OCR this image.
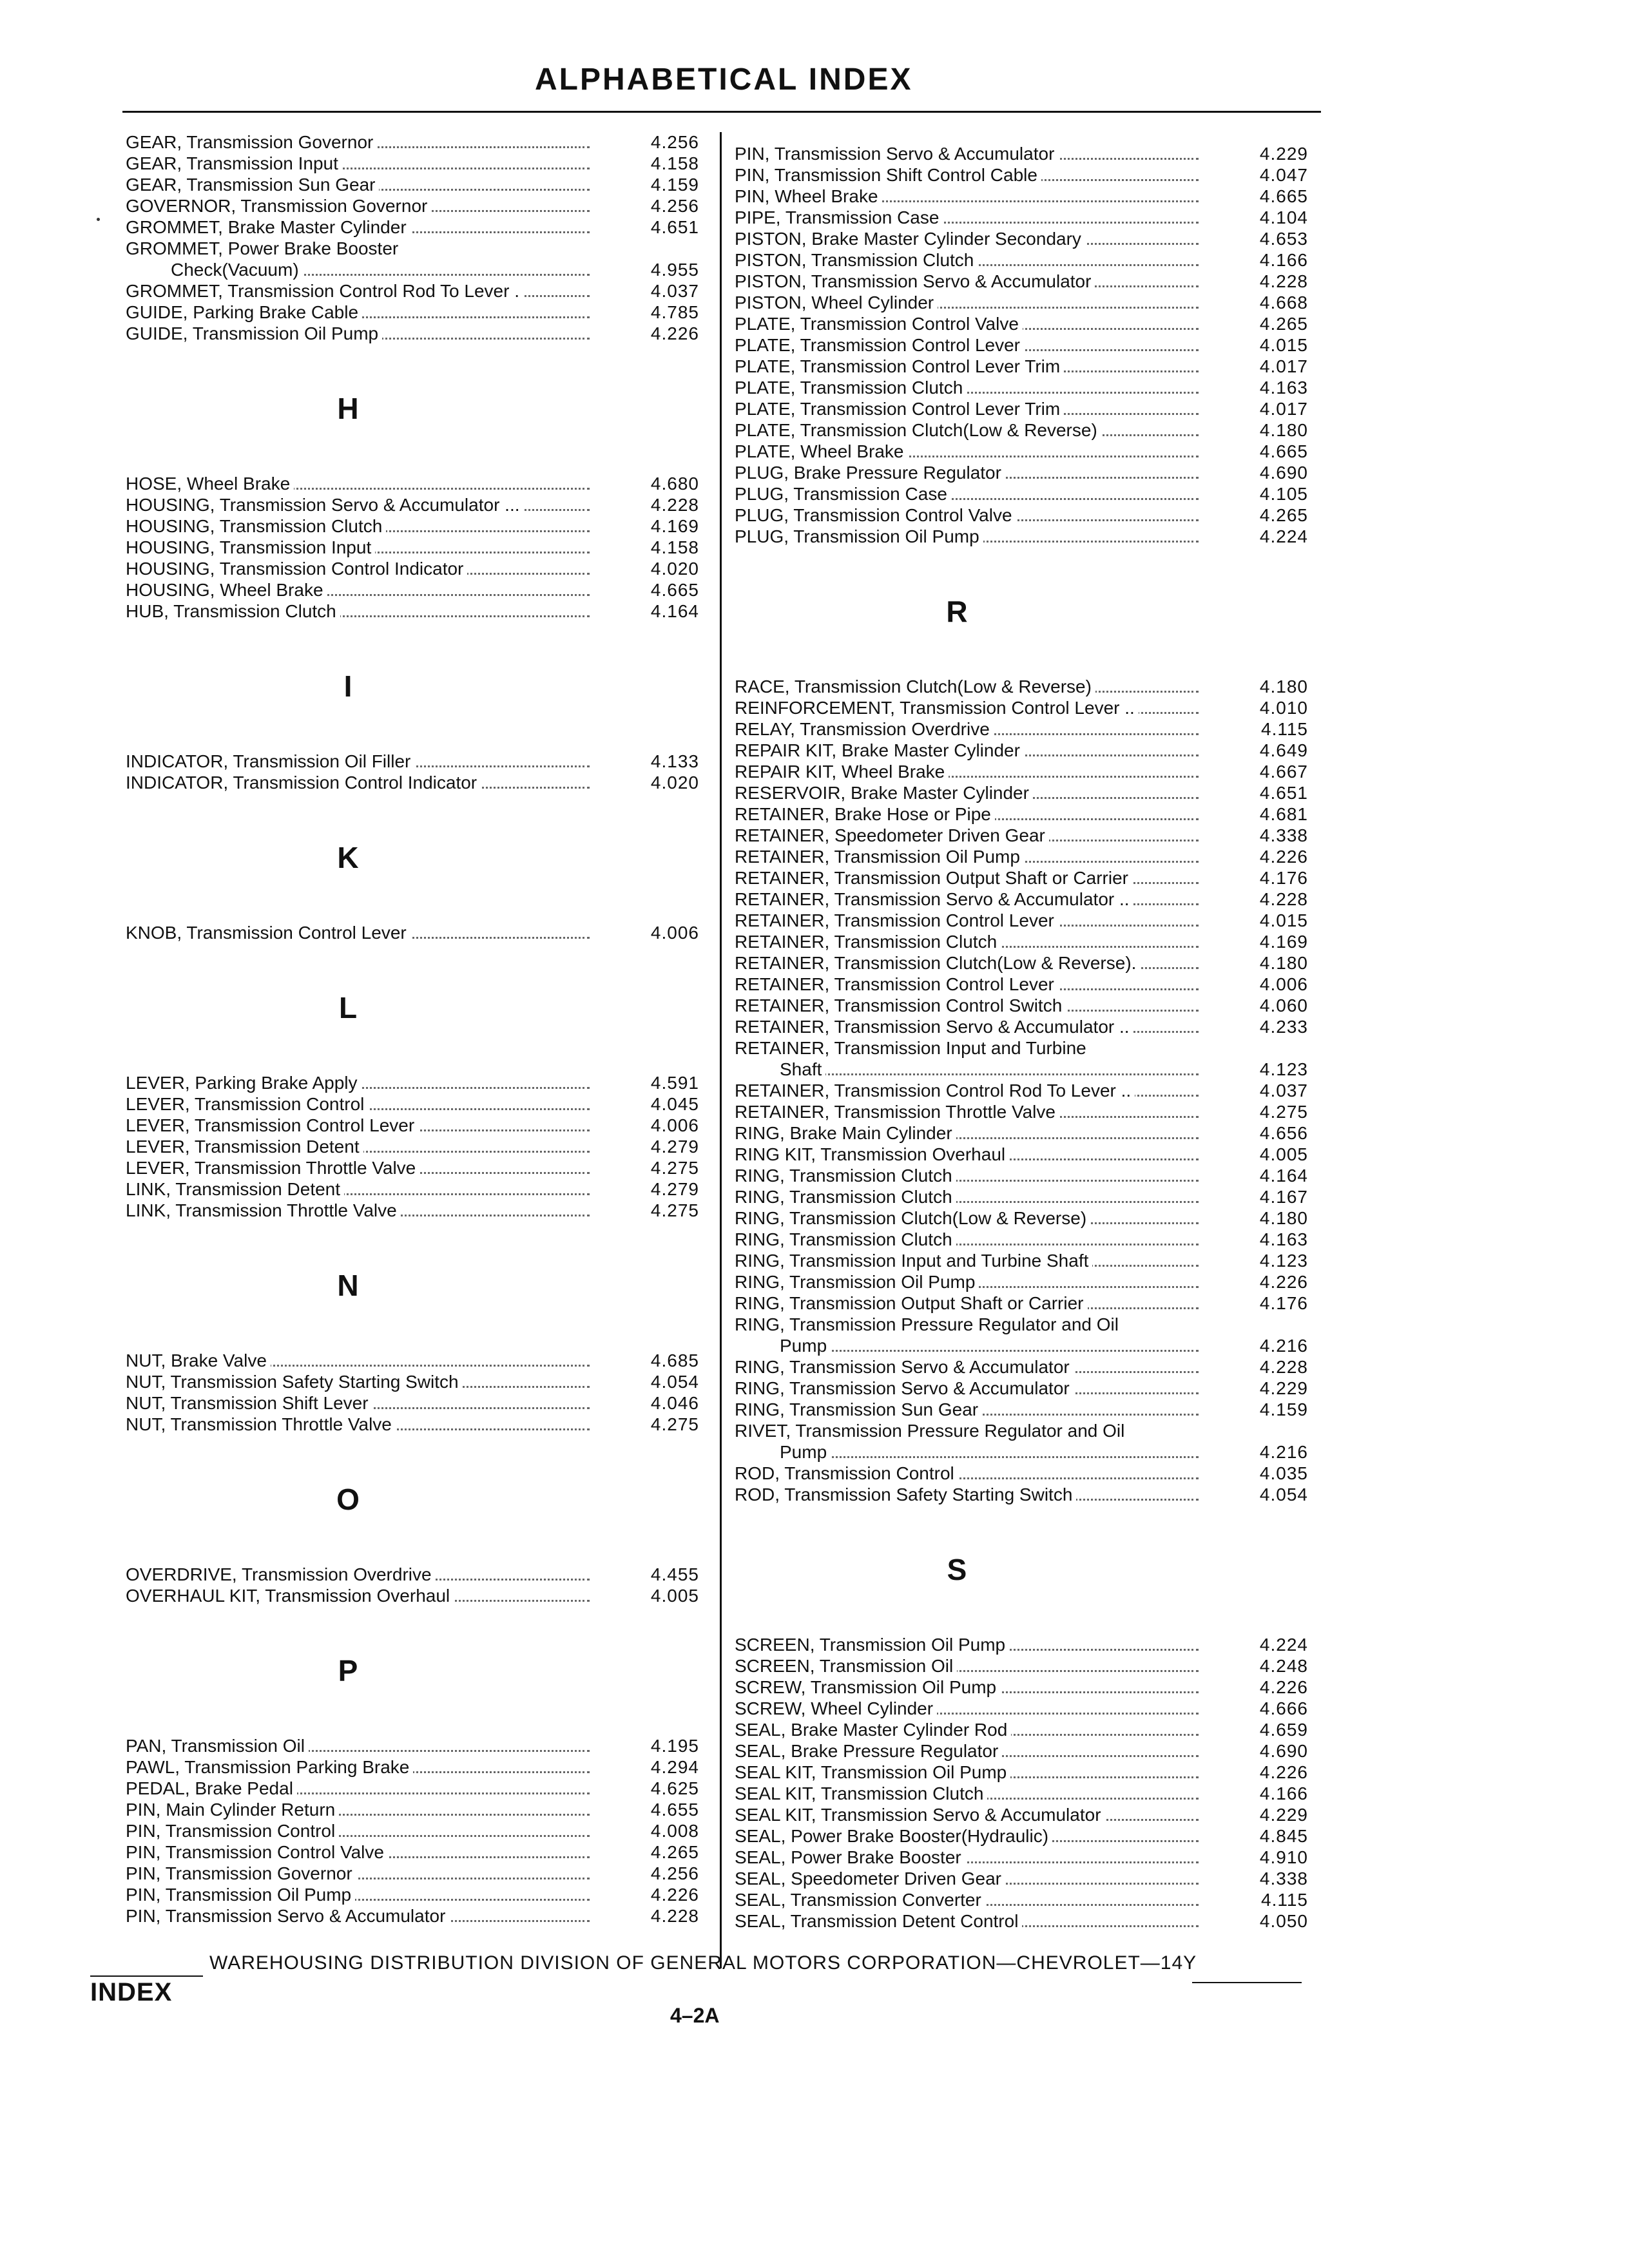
ALPHABETICAL INDEX
GEAR, Transmission Governor	4.256
GEAR, Transmission Input	4.158
GEAR, Transmission Sun Gear	4.159
GOVERNOR, Transmission Governor	4.256
GROMMET, Brake Master Cylinder	4.651
GROMMET, Power Brake Booster
Check(Vacuum)	4.955
GROMMET, Transmission Control Rod To Lever .	4.037
GUIDE, Parking Brake Cable	4.785
GUIDE, Transmission Oil Pump	4.226
H
HOSE, Wheel Brake	4.680
HOUSING, Transmission Servo & Accumulator ...	4.228
HOUSING, Transmission Clutch	4.169
HOUSING, Transmission Input	4.158
HOUSING, Transmission Control Indicator	4.020
HOUSING, Wheel Brake	4.665
HUB, Transmission Clutch	4.164
I
INDICATOR, Transmission Oil Filler	4.133
INDICATOR, Transmission Control Indicator	4.020
K
KNOB, Transmission Control Lever	4.006
L
LEVER, Parking Brake Apply	4.591
LEVER, Transmission Control	4.045
LEVER, Transmission Control Lever	4.006
LEVER, Transmission Detent	4.279
LEVER, Transmission Throttle Valve	4.275
LINK, Transmission Detent	4.279
LINK, Transmission Throttle Valve	4.275
N
NUT, Brake Valve	4.685
NUT, Transmission Safety Starting Switch	4.054
NUT, Transmission Shift Lever	4.046
NUT, Transmission Throttle Valve	4.275
O
OVERDRIVE, Transmission Overdrive	4.455
OVERHAUL KIT, Transmission Overhaul	4.005
P
PAN, Transmission Oil	4.195
PAWL, Transmission Parking Brake	4.294
PEDAL, Brake Pedal	4.625
PIN, Main Cylinder Return	4.655
PIN, Transmission Control	4.008
PIN, Transmission Control Valve	4.265
PIN, Transmission Governor	4.256
PIN, Transmission Oil Pump	4.226
PIN, Transmission Servo & Accumulator	4.228
PIN, Transmission Servo & Accumulator	4.229
PIN, Transmission Shift Control Cable	4.047
PIN, Wheel Brake	4.665
PIPE, Transmission Case	4.104
PISTON, Brake Master Cylinder Secondary	4.653
PISTON, Transmission Clutch	4.166
PISTON, Transmission Servo & Accumulator	4.228
PISTON, Wheel Cylinder	4.668
PLATE, Transmission Control Valve	4.265
PLATE, Transmission Control Lever	4.015
PLATE, Transmission Control Lever Trim	4.017
PLATE, Transmission Clutch	4.163
PLATE, Transmission Control Lever Trim	4.017
PLATE, Transmission Clutch(Low & Reverse)	4.180
PLATE, Wheel Brake	4.665
PLUG, Brake Pressure Regulator	4.690
PLUG, Transmission Case	4.105
PLUG, Transmission Control Valve	4.265
PLUG, Transmission Oil Pump	4.224
R
RACE, Transmission Clutch(Low & Reverse)	4.180
REINFORCEMENT, Transmission Control Lever ..	4.010
RELAY, Transmission Overdrive	4.115
REPAIR KIT, Brake Master Cylinder	4.649
REPAIR KIT, Wheel Brake	4.667
RESERVOIR, Brake Master Cylinder	4.651
RETAINER, Brake Hose or Pipe	4.681
RETAINER, Speedometer Driven Gear	4.338
RETAINER, Transmission Oil Pump	4.226
RETAINER, Transmission Output Shaft or Carrier	4.176
RETAINER, Transmission Servo & Accumulator ..	4.228
RETAINER, Transmission Control Lever	4.015
RETAINER, Transmission Clutch	4.169
RETAINER, Transmission Clutch(Low & Reverse).	4.180
RETAINER, Transmission Control Lever	4.006
RETAINER, Transmission Control Switch	4.060
RETAINER, Transmission Servo & Accumulator ..	4.233
RETAINER, Transmission Input and Turbine
Shaft	4.123
RETAINER, Transmission Control Rod To Lever ..	4.037
RETAINER, Transmission Throttle Valve	4.275
RING, Brake Main Cylinder	4.656
RING KIT, Transmission Overhaul	4.005
RING, Transmission Clutch	4.164
RING, Transmission Clutch	4.167
RING, Transmission Clutch(Low & Reverse)	4.180
RING, Transmission Clutch	4.163
RING, Transmission Input and Turbine Shaft	4.123
RING, Transmission Oil Pump	4.226
RING, Transmission Output Shaft or Carrier	4.176
RING, Transmission Pressure Regulator and Oil
Pump	4.216
RING, Transmission Servo & Accumulator	4.228
RING, Transmission Servo & Accumulator	4.229
RING, Transmission Sun Gear	4.159
RIVET, Transmission Pressure Regulator and Oil
Pump	4.216
ROD, Transmission Control	4.035
ROD, Transmission Safety Starting Switch	4.054
S
SCREEN, Transmission Oil Pump	4.224
SCREEN, Transmission Oil	4.248
SCREW, Transmission Oil Pump	4.226
SCREW, Wheel Cylinder	4.666
SEAL, Brake Master Cylinder Rod	4.659
SEAL, Brake Pressure Regulator	4.690
SEAL KIT, Transmission Oil Pump	4.226
SEAL KIT, Transmission Clutch	4.166
SEAL KIT, Transmission Servo & Accumulator	4.229
SEAL, Power Brake Booster(Hydraulic)	4.845
SEAL, Power Brake Booster	4.910
SEAL, Speedometer Driven Gear	4.338
SEAL, Transmission Converter	4.115
SEAL, Transmission Detent Control	4.050
WAREHOUSING DISTRIBUTION DIVISION OF GENERAL MOTORS CORPORATION—CHEVROLET—14Y
INDEX
4–2A
